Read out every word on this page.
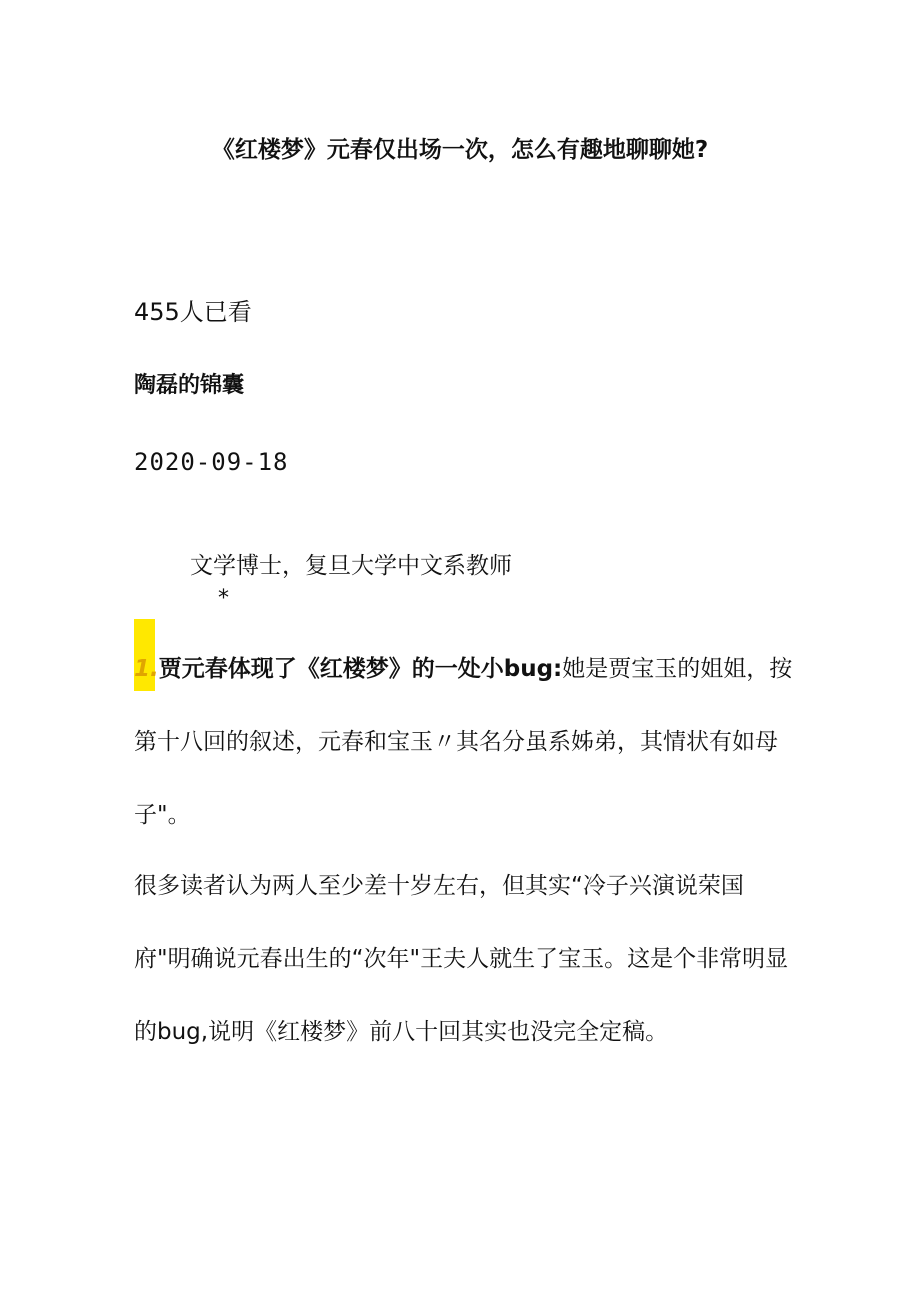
《红楼梦》元春仅出场一次，怎么有趣地聊聊她?
455人已看
陶磊的锦囊
2020-09-18
文学博士，复旦大学中文系教师
*

1.贾元春体现了《红楼梦》的一处小bug:她是贾宝玉的姐姐，按第十八回的叙述，元春和宝玉〃其名分虽系姊弟，其情状有如母子"。

很多读者认为两人至少差十岁左右，但其实“冷子兴演说荣国府"明确说元春出生的“次年"王夫人就生了宝玉。这是个非常明显的bug,说明《红楼梦》前八十回其实也没完全定稿。
